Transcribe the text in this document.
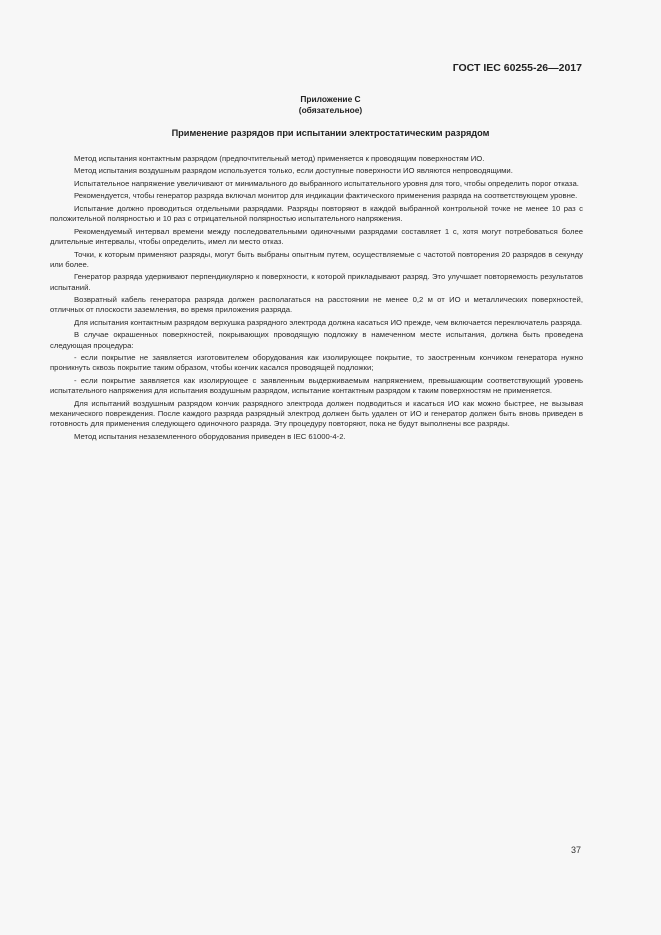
ГОСТ IEC 60255-26—2017
Приложение С
(обязательное)
Применение разрядов при испытании электростатическим разрядом

Метод испытания контактным разрядом (предпочтительный метод) применяется к проводящим поверхностям ИО.

Метод испытания воздушным разрядом используется только, если доступные поверхности ИО являются непроводящими.

Испытательное напряжение увеличивают от минимального до выбранного испытательного уровня для того, чтобы определить порог отказа.

Рекомендуется, чтобы генератор разряда включал монитор для индикации фактического применения разряда на соответствующем уровне.

Испытание должно проводиться отдельными разрядами. Разряды повторяют в каждой выбранной контрольной точке не менее 10 раз с положительной полярностью и 10 раз с отрицательной полярностью испытательного напряжения.

Рекомендуемый интервал времени между последовательными одиночными разрядами составляет 1 с, хотя могут потребоваться более длительные интервалы, чтобы определить, имел ли место отказ.

Точки, к которым применяют разряды, могут быть выбраны опытным путем, осуществляемые с частотой повторения 20 разрядов в секунду или более.

Генератор разряда удерживают перпендикулярно к поверхности, к которой прикладывают разряд. Это улучшает повторяемость результатов испытаний.

Возвратный кабель генератора разряда должен располагаться на расстоянии не менее 0,2 м от ИО и металлических поверхностей, отличных от плоскости заземления, во время приложения разряда.

Для испытания контактным разрядом верхушка разрядного электрода должна касаться ИО прежде, чем включается переключатель разряда.

В случае окрашенных поверхностей, покрывающих проводящую подложку в намеченном месте испытания, должна быть проведена следующая процедура:

- если покрытие не заявляется изготовителем оборудования как изолирующее покрытие, то заостренным кончиком генератора нужно проникнуть сквозь покрытие таким образом, чтобы кончик касался проводящей подложки;

- если покрытие заявляется как изолирующее с заявленным выдерживаемым напряжением, превышающим соответствующий уровень испытательного напряжения для испытания воздушным разрядом, испытание контактным разрядом к таким поверхностям не применяется.

Для испытаний воздушным разрядом кончик разрядного электрода должен подводиться и касаться ИО как можно быстрее, не вызывая механического повреждения. После каждого разряда разрядный электрод должен быть удален от ИО и генератор должен быть вновь приведен в готовность для применения следующего одиночного разряда. Эту процедуру повторяют, пока не будут выполнены все разряды.

Метод испытания незаземленного оборудования приведен в IEC 61000-4-2.

37
